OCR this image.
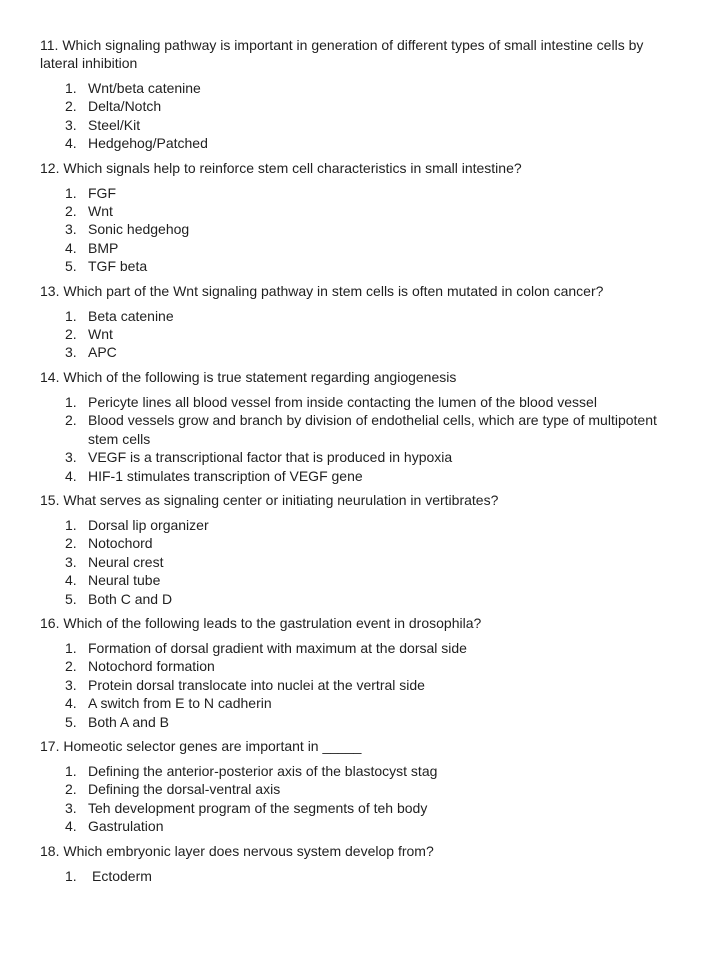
11. Which signaling pathway is important in generation of different types of small intestine cells by lateral inhibition

1. Wnt/beta catenine
2. Delta/Notch
3. Steel/Kit
4. Hedgehog/Patched

12. Which signals help to reinforce stem cell characteristics in small intestine?

1. FGF
2. Wnt
3. Sonic hedgehog
4. BMP
5. TGF beta

13. Which part of the Wnt signaling pathway in stem cells is often mutated in colon cancer?

1. Beta catenine
2. Wnt
3. APC

14. Which of the following is true statement regarding angiogenesis

1. Pericyte lines all blood vessel from inside contacting the lumen of the blood vessel
2. Blood vessels grow and branch by division of endothelial cells, which are type of multipotent stem cells
3. VEGF is a transcriptional factor that is produced in hypoxia
4. HIF-1 stimulates transcription of VEGF gene

15. What serves as signaling center or initiating neurulation in vertibrates?

1. Dorsal lip organizer
2. Notochord
3. Neural crest
4. Neural tube
5. Both C and D

16. Which of the following leads to the gastrulation event in drosophila?

1. Formation of dorsal gradient with maximum at the dorsal side
2. Notochord formation
3. Protein dorsal translocate into nuclei at the vertral side
4. A switch from E to N cadherin
5. Both A and B

17. Homeotic selector genes are important in _____

1. Defining the anterior-posterior axis of the blastocyst stag
2. Defining the dorsal-ventral axis
3. Teh development program of the segments of teh body
4. Gastrulation

18. Which embryonic layer does nervous system develop from?

1. Ectoderm
